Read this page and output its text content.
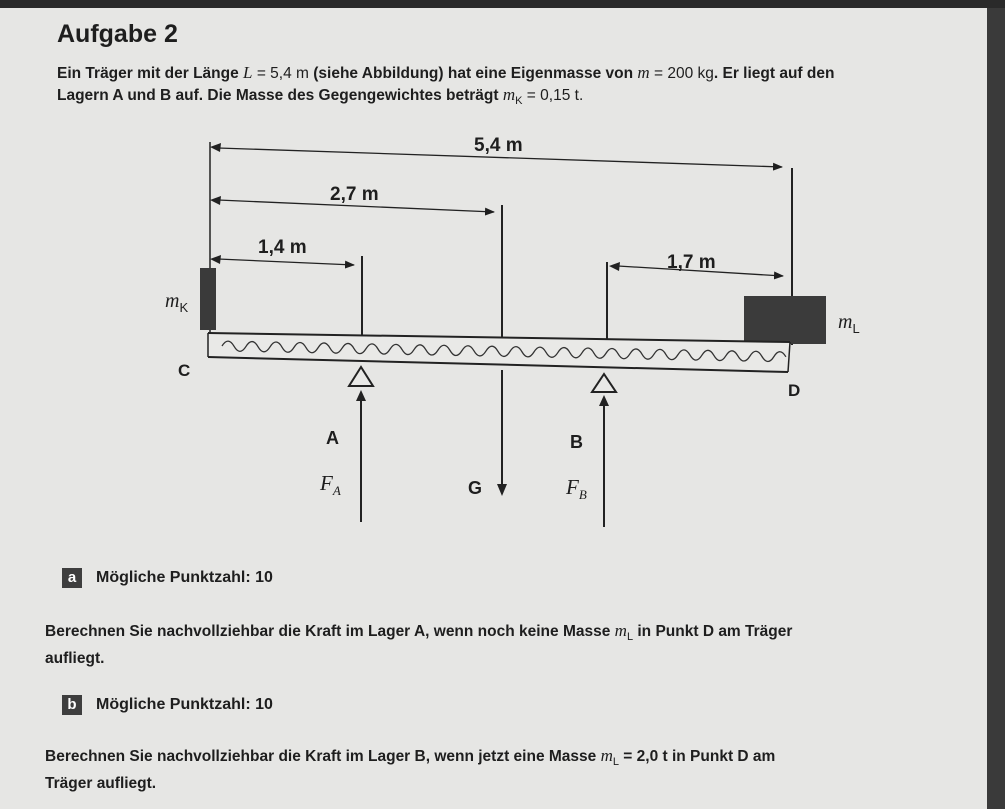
Aufgabe 2
Ein Träger mit der Länge L = 5,4 m (siehe Abbildung) hat eine Eigenmasse von m = 200 kg. Er liegt auf den
Lagern A und B auf. Die Masse des Gegengewichtes beträgt $m_K = 0,15$ t.
5,4 m
2,7 m
1,4 m
1,7 m
$m_K$
$m_L$
C
D
A
$F_A$	G
B
$F_B$
a	Mögliche Punktzahl: 10
Berechnen Sie nachvollziehbar die Kraft im Lager A, wenn noch keine Masse $m_L$ in Punkt D am Träger
aufliegt.
b	Mögliche Punktzahl: 10
Berechnen Sie nachvollziehbar die Kraft im Lager B, wenn jetzt eine Masse $m_L = 2,0$ t in Punkt D am
Träger aufliegt.
